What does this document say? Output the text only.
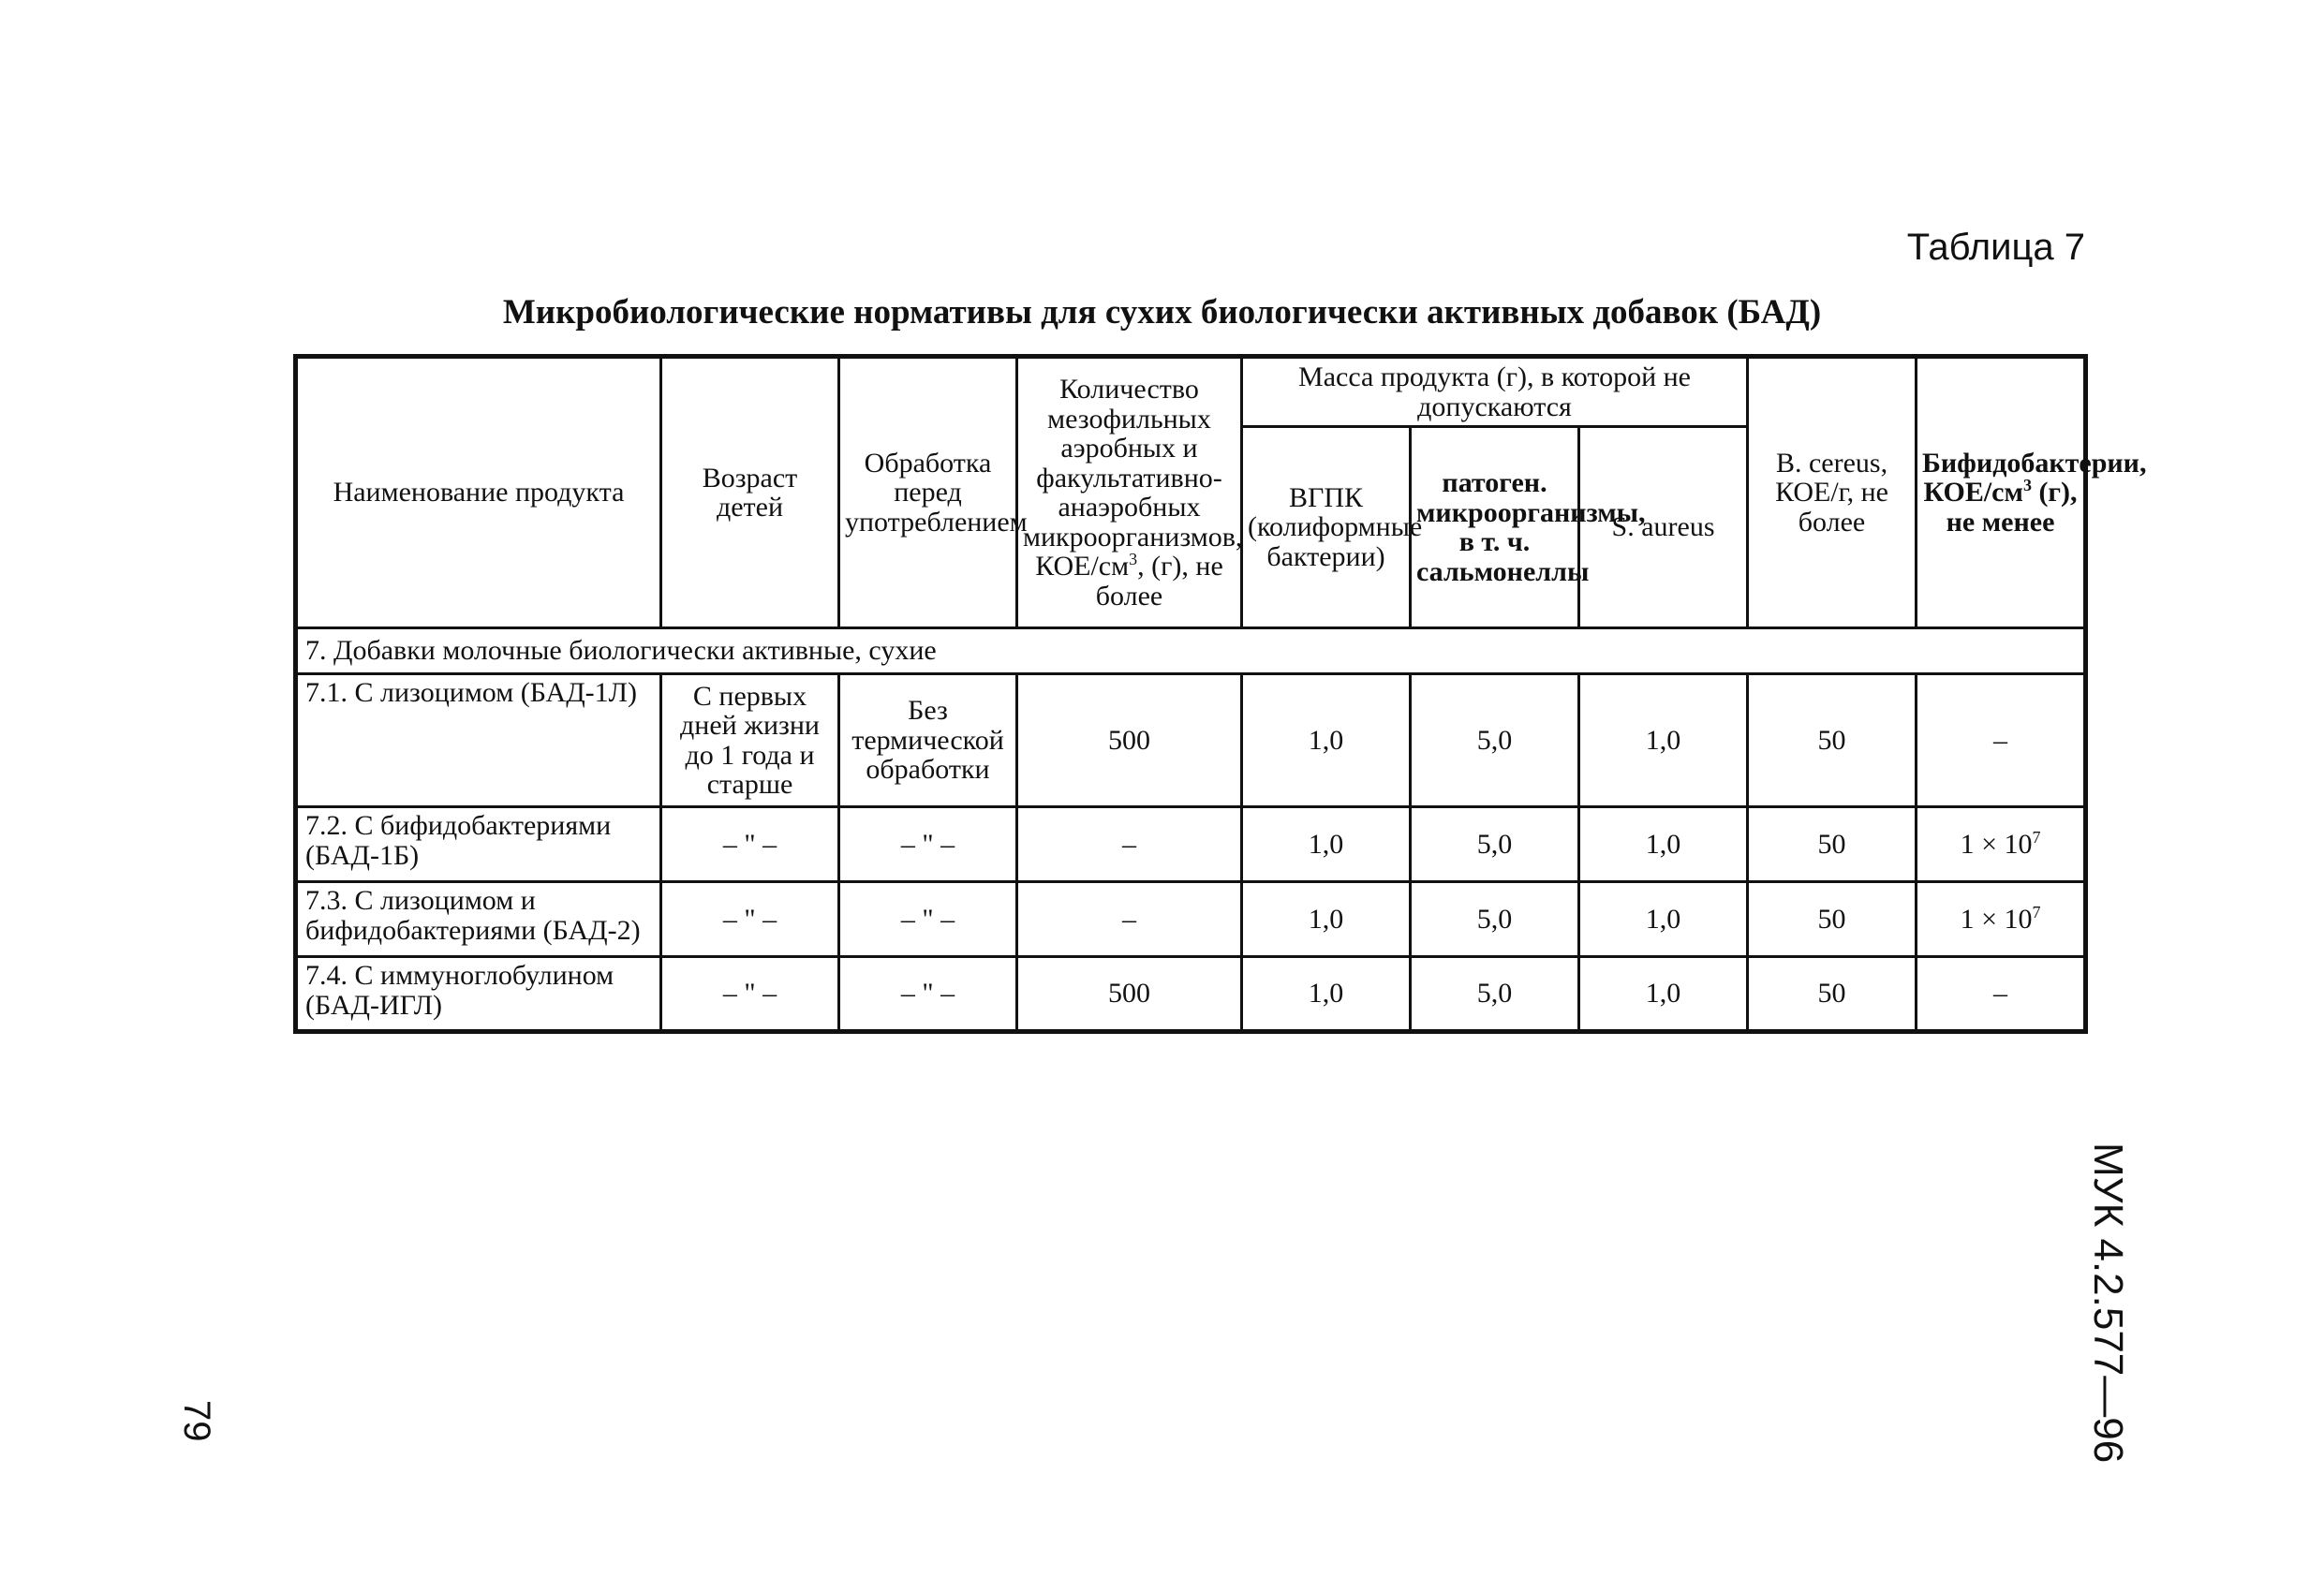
Таблица 7
Микробиологические нормативы для сухих биологически активных добавок (БАД)
Наименование продукта	Возраст детей	Обработка перед употреблением	Количество мезофильных аэробных и факультативно-анаэробных микроорганизмов, КОЕ/$см^3$, (г), не более	Масса продукта (г), в которой не допускаются			B. cereus, КОЕ/г, не более	Бифидобактерии, КОЕ/$см^3$ (г), не менее
				ВГПК (колиформные бактерии)	патоген. микроорганизмы, в т. ч. сальмонеллы	S. aureus		
7. Добавки молочные биологически активные, сухие								
7.1. С лизоцимом (БАД-1Л)	С первых дней жизни до 1 года и старше	Без термической обработки	500	1,0	5,0	1,0	50	–
7.2. С бифидобактериями (БАД-1Б)	– " –	– " –	–	1,0	5,0	1,0	50	$1 \times 10^7$
7.3. С лизоцимом и бифидобактериями (БАД-2)	– " –	– " –	–	1,0	5,0	1,0	50	$1 \times 10^7$
7.4. С иммуноглобулином (БАД-ИГЛ)	– " –	– " –	500	1,0	5,0	1,0	50	–
МУК 4.2.577—96
79
